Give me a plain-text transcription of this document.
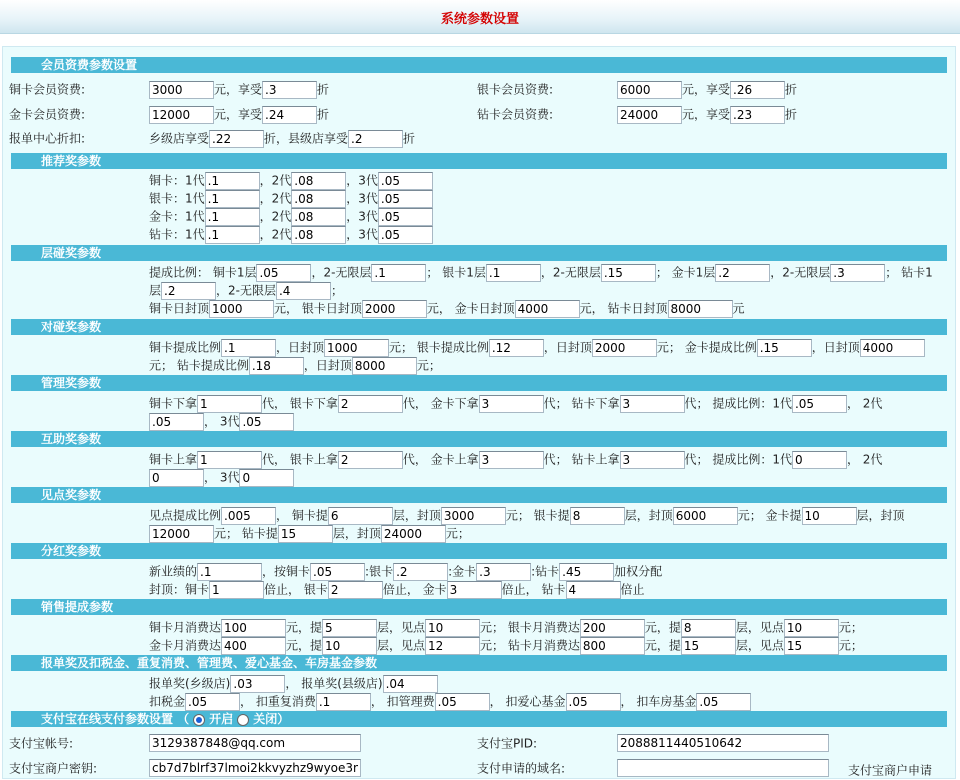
系统参数设置
会员资费参数设置
铜卡会员资费:
3000	元，享受.3	折	银卡会员资费:
6000	元，享受.26	折
金卡会员资费:
12000	元，享受.24	折	钻卡会员资费:
24000	元，享受.23	折
报单中心折扣:	乡级店享受.22	折，县级店享受.2	折
推荐奖参数
铜卡：1代.1	，2代.08	，3代.05
银卡：1代.1	，2代.08	，3代.05
金卡：1代.1	，2代.08	，3代.05
钻卡：1代.1	，2代.08	，3代.05
层碰奖参数
提成比例： 铜卡1层.05	，2-无限层.1	； 银卡1层.1	，2-无限层.15	； 金卡1层.2	，2-无限层.3	； 钻卡1
层.2	，2-无限层.4	；
铜卡日封顶1000	元， 银卡日封顶2000	元， 金卡日封顶4000	元， 钻卡日封顶8000	元
对碰奖参数
铜卡提成比例.1	，日封顶1000	元； 银卡提成比例.12	，日封顶2000	元； 金卡提成比例.15	，日封顶4000
元； 钻卡提成比例.18	，日封顶8000	元；
管理奖参数
铜卡下拿1	代， 银卡下拿2	代， 金卡下拿3	代； 钻卡下拿3	代； 提成比例：1代.05	， 2代
.05， 3代.05
互助奖参数
铜卡上拿1	代， 银卡上拿2	代， 金卡上拿3	代； 钻卡上拿3	代； 提成比例：1代0	， 2代
0， 3代0
见点奖参数
见点提成比例.005	， 铜卡提6	层，封顶3000	元； 银卡提8	层，封顶6000	元； 金卡提10	层，封顶
12000元； 钻卡提15	层，封顶24000	元；
分红奖参数
新业绩的.1	，按铜卡.05	:银卡.2	:金卡.3	:钻卡.45	加权分配
封顶：铜卡1	倍止， 银卡2	倍止， 金卡3	倍止， 钻卡4	倍止
销售提成参数
铜卡月消费达100	元，提5	层，见点10	元； 银卡月消费达200	元，提8	层，见点10	元；
金卡月消费达400	元，提10	层，见点12	元； 钻卡月消费达800	元，提15	层，见点15	元；
报单奖及扣税金、重复消费、管理费、爱心基金、车房基金参数
报单奖(乡级店).03	， 报单奖(县级店).04
扣税金.05	， 扣重复消费.1	， 扣管理费.05	， 扣爱心基金.05	， 扣车房基金.05
支付宝在线支付参数设置 （ 开启 关闭）
支付宝帐号:
3129387848@qq.com	支付宝PID:
2088811440510642
支付宝商户密钥:
cb7d7blrf37lmoi2kkvyzhz9wyoe3nyo	支付申请的域名:	支付宝商户申请
